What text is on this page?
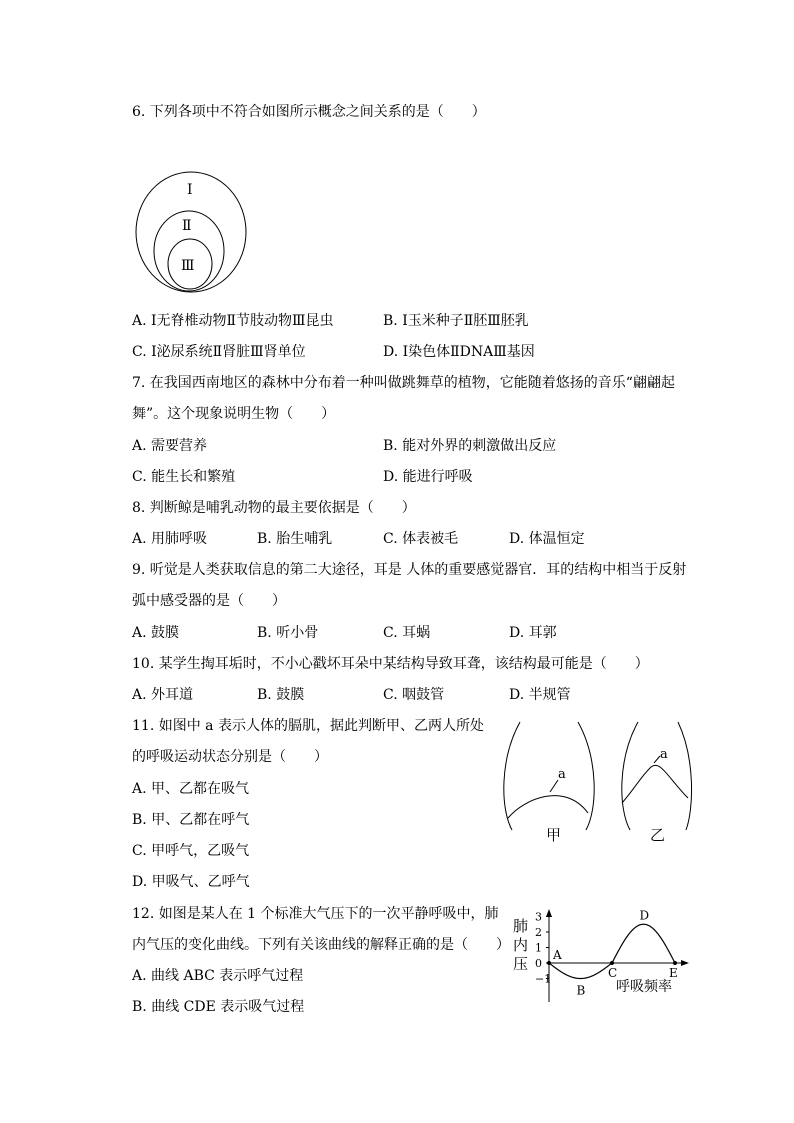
6. 下列各项中不符合如图所示概念之间关系的是（　　）
Ⅰ
Ⅱ
Ⅲ
A. Ⅰ无脊椎动物Ⅱ节肢动物Ⅲ昆虫	B. Ⅰ玉米种子Ⅱ胚Ⅲ胚乳
C. Ⅰ泌尿系统Ⅱ肾脏Ⅲ肾单位	D. Ⅰ染色体ⅡDNAⅢ基因
7. 在我国西南地区的森林中分布着一种叫做跳舞草的植物，它能随着悠扬的音乐“翩翩起
舞”。这个现象说明生物（　　）
A. 需要营养	B. 能对外界的刺激做出反应
C. 能生长和繁殖	D. 能进行呼吸
8. 判断鲸是哺乳动物的最主要依据是（　　）
A. 用肺呼吸	B. 胎生哺乳	C. 体表被毛	D. 体温恒定
9. 听觉是人类获取信息的第二大途径，耳是 人体的重要感觉器官．耳的结构中相当于反射
弧中感受器的是（　　）
A. 鼓膜	B. 听小骨	C. 耳蜗	D. 耳郭
10. 某学生掏耳垢时，不小心戳坏耳朵中某结构导致耳聋，该结构最可能是（　　）
A. 外耳道	B. 鼓膜	C. 咽鼓管	D. 半规管
11. 如图中 a 表示人体的膈肌，据此判断甲、乙两人所处
的呼吸运动状态分别是（　　）
A. 甲、乙都在吸气
B. 甲、乙都在呼气
C. 甲呼气，乙吸气
D. 甲吸气、乙呼气
a
甲
a
乙
12. 如图是某人在 1 个标准大气压下的一次平静呼吸中，肺
内气压的变化曲线。下列有关该曲线的解释正确的是（　　）
A. 曲线 ABC 表示呼气过程
B. 曲线 CDE 表示吸气过程
肺
内
压
3
2
1
0
−1
A
B
C
D
E
呼吸频率
